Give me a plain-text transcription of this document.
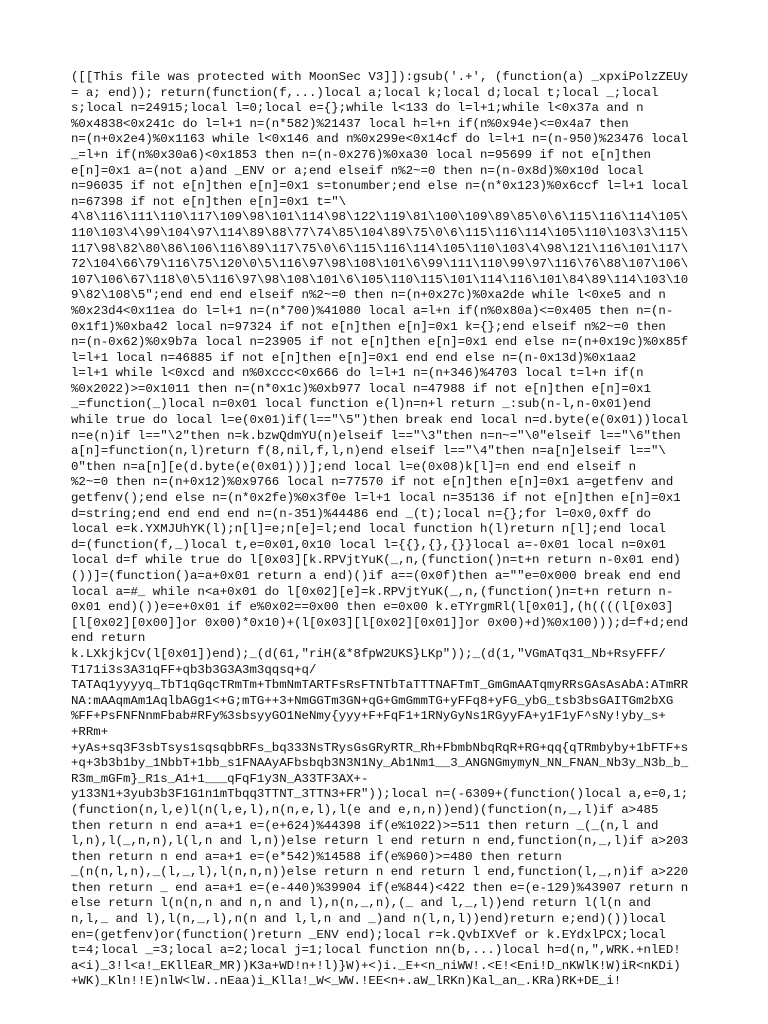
([[This file was protected with MoonSec V3]]):gsub('.+', (function(a) _xpxiPolzZEUy
= a; end)); return(function(f,...)local a;local k;local d;local t;local _;local
s;local n=24915;local l=0;local e={};while l<133 do l=l+1;while l<0x37a and n
%0x4838<0x241c do l=l+1 n=(n*582)%21437 local h=l+n if(n%0x94e)<=0x4a7 then
n=(n+0x2e4)%0x1163 while l<0x146 and n%0x299e<0x14cf do l=l+1 n=(n-950)%23476 local
_=l+n if(n%0x30a6)<0x1853 then n=(n-0x276)%0xa30 local n=95699 if not e[n]then
e[n]=0x1 a=(not a)and _ENV or a;end elseif n%2~=0 then n=(n-0x8d)%0x10d local
n=96035 if not e[n]then e[n]=0x1 s=tonumber;end else n=(n*0x123)%0x6ccf l=l+1 local
n=67398 if not e[n]then e[n]=0x1 t="\
4\8\116\111\110\117\109\98\101\114\98\122\119\81\100\109\89\85\0\6\115\116\114\105\
110\103\4\99\104\97\114\89\88\77\74\85\104\89\75\0\6\115\116\114\105\110\103\3\115\
117\98\82\80\86\106\116\89\117\75\0\6\115\116\114\105\110\103\4\98\121\116\101\117\
72\104\66\79\116\75\120\0\5\116\97\98\108\101\6\99\111\110\99\97\116\76\88\107\106\
107\106\67\118\0\5\116\97\98\108\101\6\105\110\115\101\114\116\101\84\89\114\103\10
9\82\108\5";end end end elseif n%2~=0 then n=(n+0x27c)%0xa2de while l<0xe5 and n
%0x23d4<0x11ea do l=l+1 n=(n*700)%41080 local a=l+n if(n%0x80a)<=0x405 then n=(n-
0x1f1)%0xba42 local n=97324 if not e[n]then e[n]=0x1 k={};end elseif n%2~=0 then
n=(n-0x62)%0x9b7a local n=23905 if not e[n]then e[n]=0x1 end else n=(n+0x19c)%0x85f
l=l+1 local n=46885 if not e[n]then e[n]=0x1 end end else n=(n-0x13d)%0x1aa2
l=l+1 while l<0xcd and n%0xccc<0x666 do l=l+1 n=(n+346)%4703 local t=l+n if(n
%0x2022)>=0x1011 then n=(n*0x1c)%0xb977 local n=47988 if not e[n]then e[n]=0x1
_=function(_)local n=0x01 local function e(l)n=n+l return _:sub(n-l,n-0x01)end
while true do local l=e(0x01)if(l=="\5")then break end local n=d.byte(e(0x01))local
n=e(n)if l=="\2"then n=k.bzwQdmYU(n)elseif l=="\3"then n=n~="\0"elseif l=="\6"then
a[n]=function(n,l)return f(8,nil,f,l,n)end elseif l=="\4"then n=a[n]elseif l=="\
0"then n=a[n][e(d.byte(e(0x01)))];end local l=e(0x08)k[l]=n end end elseif n
%2~=0 then n=(n+0x12)%0x9766 local n=77570 if not e[n]then e[n]=0x1 a=getfenv and
getfenv();end else n=(n*0x2fe)%0x3f0e l=l+1 local n=35136 if not e[n]then e[n]=0x1
d=string;end end end end n=(n-351)%44486 end _(t);local n={};for l=0x0,0xff do
local e=k.YXMJUhYK(l);n[l]=e;n[e]=l;end local function h(l)return n[l];end local
d=(function(f,_)local t,e=0x01,0x10 local l={{},{},{}}local a=-0x01 local n=0x01
local d=f while true do l[0x03][k.RPVjtYuK(_,n,(function()n=t+n return n-0x01 end)
())]=(function()a=a+0x01 return a end)()if a==(0x0f)then a=""e=0x000 break end end
local a=#_ while n<a+0x01 do l[0x02][e]=k.RPVjtYuK(_,n,(function()n=t+n return n-
0x01 end)())e=e+0x01 if e%0x02==0x00 then e=0x00 k.eTYrgmRl(l[0x01],(h((((l[0x03]
[l[0x02][0x00]]or 0x00)*0x10)+(l[0x03][l[0x02][0x01]]or 0x00)+d)%0x100)));d=f+d;end
end return
k.LXkjkjCv(l[0x01])end);_(d(61,"riH(&*8fpW2UKS}LKp"));_(d(1,"VGmATq31_Nb+RsyFFF/
T171i3s3A31qFF+qb3b3G3A3m3qqsq+q/
TATAq1yyyyq_TbT1qGqcTRmTm+TbmNmTARTFsRsFTNTbTaTTTNAFTmT_GmGmAATqmyRRsGAsAsAbA:ATmRR
NA:mAAqmAm1AqlbAGg1<+G;mTG++3+NmGGTm3GN+qG+GmGmmTG+yFFq8+yFG_ybG_tsb3bsGAITGm2bXG
%FF+PsFNFNnmFbab#RFy%3sbsyyGO1NeNmy{yyy+F+FqF1+1RNyGyNs1RGyyFA+y1F1yF^sNy!yby_s+
+RRm+
+yAs+sq3F3sbTsys1sqsqbbRFs_bq333NsTRysGsGRyRTR_Rh+FbmbNbqRqR+RG+qq{qTRmbyby+1bFTF+s
+q+3b3b1by_1NbbT+1bb_s1FNAAyAFbsbqb3N3N1Ny_Ab1Nm1__3_ANGNGmymyN_NN_FNAN_Nb3y_N3b_b_
R3m_mGFm}_R1s_A1+1___qFqF1y3N_A33TF3AX+-
y133N1+3yub3b3F1G1n1mTbqq3TTNT_3TTN3+FR"));local n=(-6309+(function()local a,e=0,1;
(function(n,l,e)l(n(l,e,l),n(n,e,l),l(e and e,n,n))end)(function(n,_,l)if a>485
then return n end a=a+1 e=(e+624)%44398 if(e%1022)>=511 then return _(_(n,l and
l,n),l(_,n,n),l(l,n and l,n))else return l end return n end,function(n,_,l)if a>203
then return n end a=a+1 e=(e*542)%14588 if(e%960)>=480 then return
_(n(n,l,n),_(l,_,l),l(n,n,n))else return n end return l end,function(l,_,n)if a>220
then return _ end a=a+1 e=(e-440)%39904 if(e%844)<422 then e=(e-129)%43907 return n
else return l(n(n,n and n,n and l),n(n,_,n),(_ and l,_,l))end return l(l(n and
n,l,_ and l),l(n,_,l),n(n and l,l,n and _)and n(l,n,l))end)return e;end)())local
en=(getfenv)or(function()return _ENV end);local r=k.QvbIXVef or k.EYdxlPCX;local
t=4;local _=3;local a=2;local j=1;local function nn(b,...)local h=d(n,",WRK.+nlED!
a<i)_3!l<a!_EKllEaR_MR))K3a+WD!n+!l)}W)+<)i._E+<n_niWW!.<E!<Eni!D_nKWlK!W)iR<nKDi)
+WK)_Kln!!E)nlW<lW..nEaa)i_Klla!_W<_WW.!EE<n+.aW_lRKn)Kal_an_.KRa)RK+DE_i!
